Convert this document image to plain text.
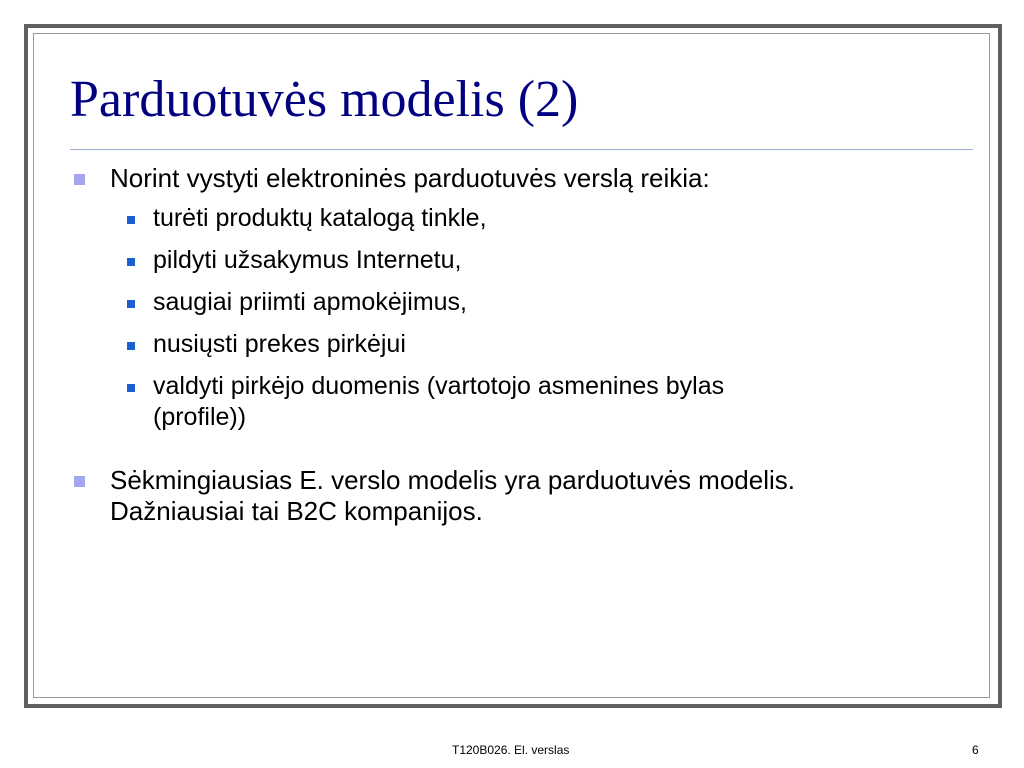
Parduotuvės modelis (2)
Norint vystyti elektroninės parduotuvės verslą reikia:
turėti produktų katalogą tinkle,
pildyti užsakymus Internetu,
saugiai priimti apmokėjimus,
nusiųsti prekes pirkėjui
valdyti pirkėjo duomenis (vartotojo asmenines bylas
(profile))
Sėkmingiausias E. verslo modelis yra parduotuvės modelis.
Dažniausiai tai B2C kompanijos.
T120B026. El. verslas	6
